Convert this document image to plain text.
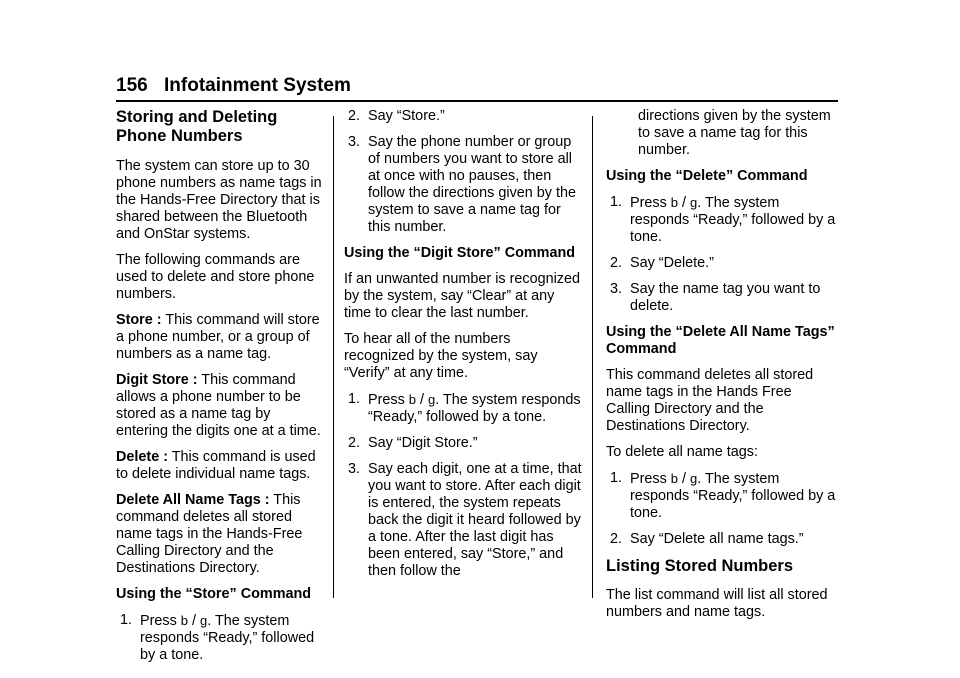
156 Infotainment System
Storing and Deleting Phone Numbers

The system can store up to 30 phone numbers as name tags in the Hands-Free Directory that is shared between the Bluetooth and OnStar systems.

The following commands are used to delete and store phone numbers.

Store : This command will store a phone number, or a group of numbers as a name tag.

Digit Store : This command allows a phone number to be stored as a name tag by entering the digits one at a time.

Delete : This command is used to delete individual name tags.

Delete All Name Tags : This command deletes all stored name tags in the Hands-Free Calling Directory and the Destinations Directory.

Using the “Store” Command
1. Press b / g. The system responds “Ready,” followed by a tone.
2. Say “Store.”
3. Say the phone number or group of numbers you want to store all at once with no pauses, then follow the directions given by the system to save a name tag for this number.
Using the “Digit Store” Command

If an unwanted number is recognized by the system, say “Clear” at any time to clear the last number.

To hear all of the numbers recognized by the system, say “Verify” at any time.

1. Press b / g. The system responds “Ready,” followed by a tone.
2. Say “Digit Store.”
3. Say each digit, one at a time, that you want to store. After each digit is entered, the system repeats back the digit it heard followed by a tone. After the last digit has been entered, say “Store,” and then follow the
directions given by the system to save a name tag for this number.
Using the “Delete” Command
1. Press b / g. The system responds “Ready,” followed by a tone.
2. Say “Delete.”
3. Say the name tag you want to delete.
Using the “Delete All Name Tags” Command

This command deletes all stored name tags in the Hands Free Calling Directory and the Destinations Directory.

To delete all name tags:

1. Press b / g. The system responds “Ready,” followed by a tone.
2. Say “Delete all name tags.”
Listing Stored Numbers

The list command will list all stored numbers and name tags.
